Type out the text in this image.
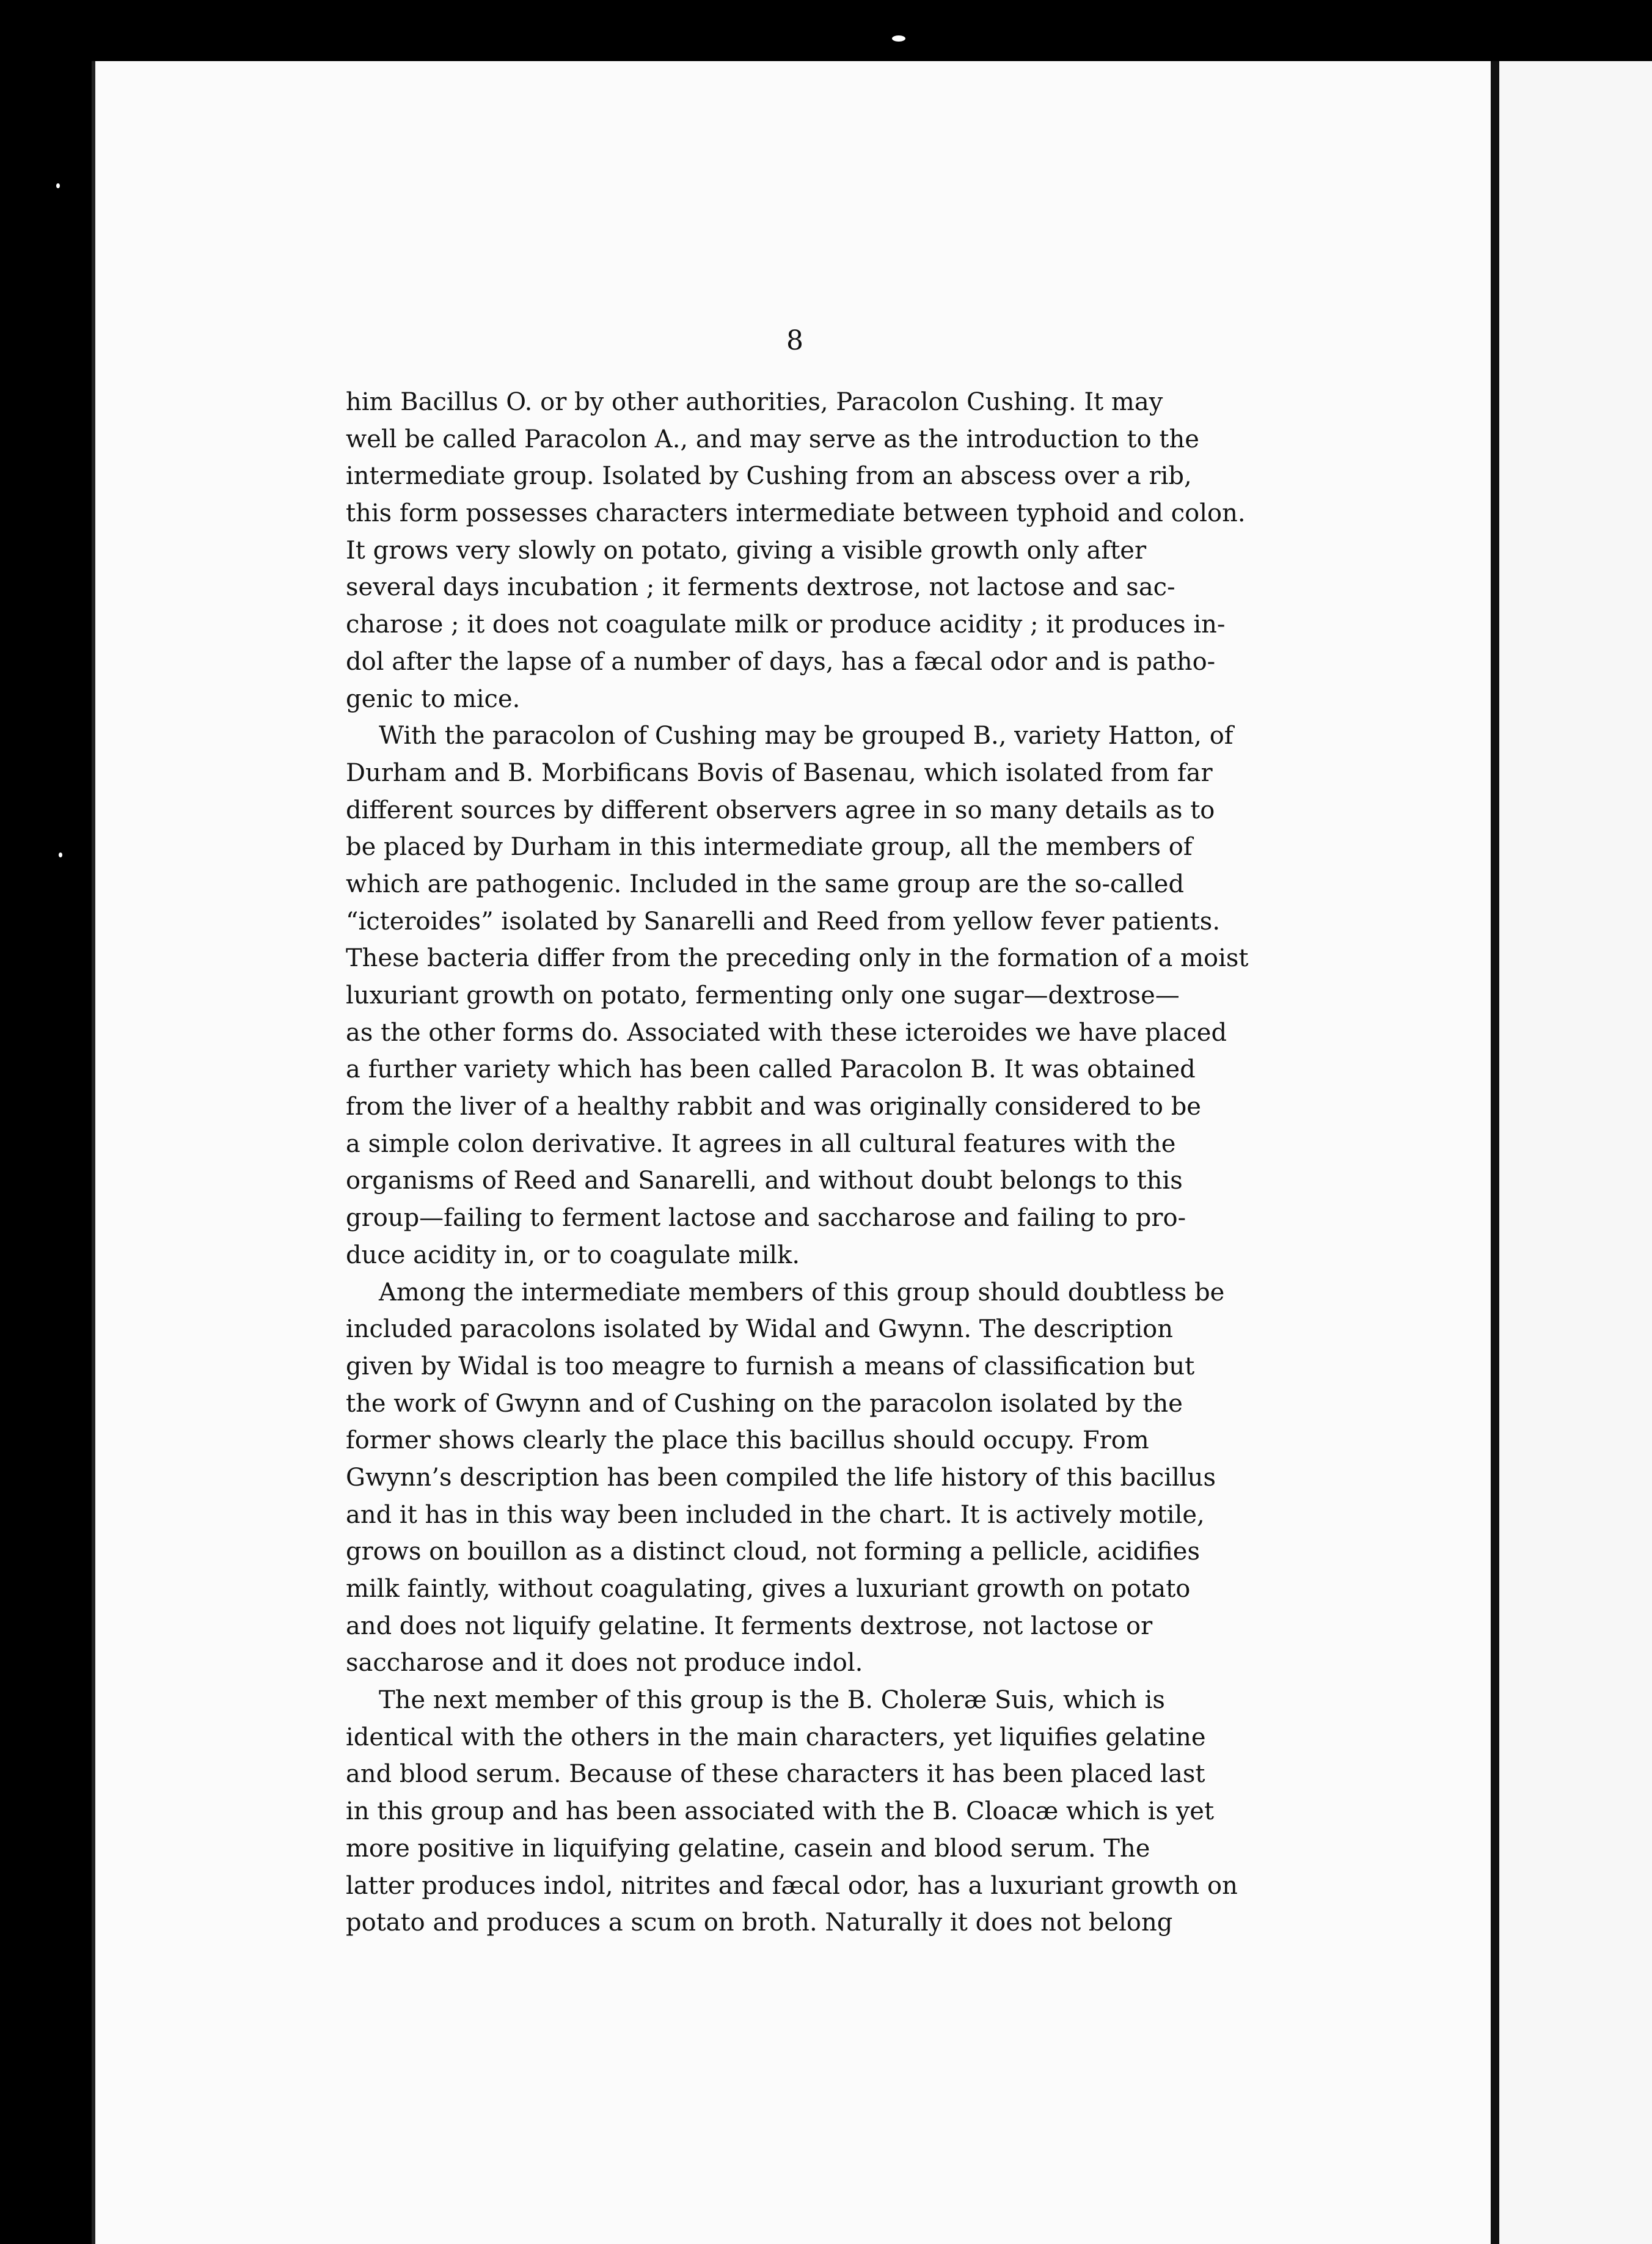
8
him Bacillus O. or by other authorities, Paracolon Cushing. It may
well be called Paracolon A., and may serve as the introduction to the
intermediate group. Isolated by Cushing from an abscess over a rib,
this form possesses characters intermediate between typhoid and colon.
It grows very slowly on potato, giving a visible growth only after
several days incubation ; it ferments dextrose, not lactose and sac-
charose ; it does not coagulate milk or produce acidity ; it produces in-
dol after the lapse of a number of days, has a fæcal odor and is patho-
genic to mice.
With the paracolon of Cushing may be grouped B., variety Hatton, of
Durham and B. Morbificans Bovis of Basenau, which isolated from far
different sources by different observers agree in so many details as to
be placed by Durham in this intermediate group, all the members of
which are pathogenic. Included in the same group are the so-called
“icteroides” isolated by Sanarelli and Reed from yellow fever patients.
These bacteria differ from the preceding only in the formation of a moist
luxuriant growth on potato, fermenting only one sugar—dextrose—
as the other forms do. Associated with these icteroides we have placed
a further variety which has been called Paracolon B. It was obtained
from the liver of a healthy rabbit and was originally considered to be
a simple colon derivative. It agrees in all cultural features with the
organisms of Reed and Sanarelli, and without doubt belongs to this
group—failing to ferment lactose and saccharose and failing to pro-
duce acidity in, or to coagulate milk.
Among the intermediate members of this group should doubtless be
included paracolons isolated by Widal and Gwynn. The description
given by Widal is too meagre to furnish a means of classification but
the work of Gwynn and of Cushing on the paracolon isolated by the
former shows clearly the place this bacillus should occupy. From
Gwynn’s description has been compiled the life history of this bacillus
and it has in this way been included in the chart. It is actively motile,
grows on bouillon as a distinct cloud, not forming a pellicle, acidifies
milk faintly, without coagulating, gives a luxuriant growth on potato
and does not liquify gelatine. It ferments dextrose, not lactose or
saccharose and it does not produce indol.
The next member of this group is the B. Choleræ Suis, which is
identical with the others in the main characters, yet liquifies gelatine
and blood serum. Because of these characters it has been placed last
in this group and has been associated with the B. Cloacæ which is yet
more positive in liquifying gelatine, casein and blood serum. The
latter produces indol, nitrites and fæcal odor, has a luxuriant growth on
potato and produces a scum on broth. Naturally it does not belong
